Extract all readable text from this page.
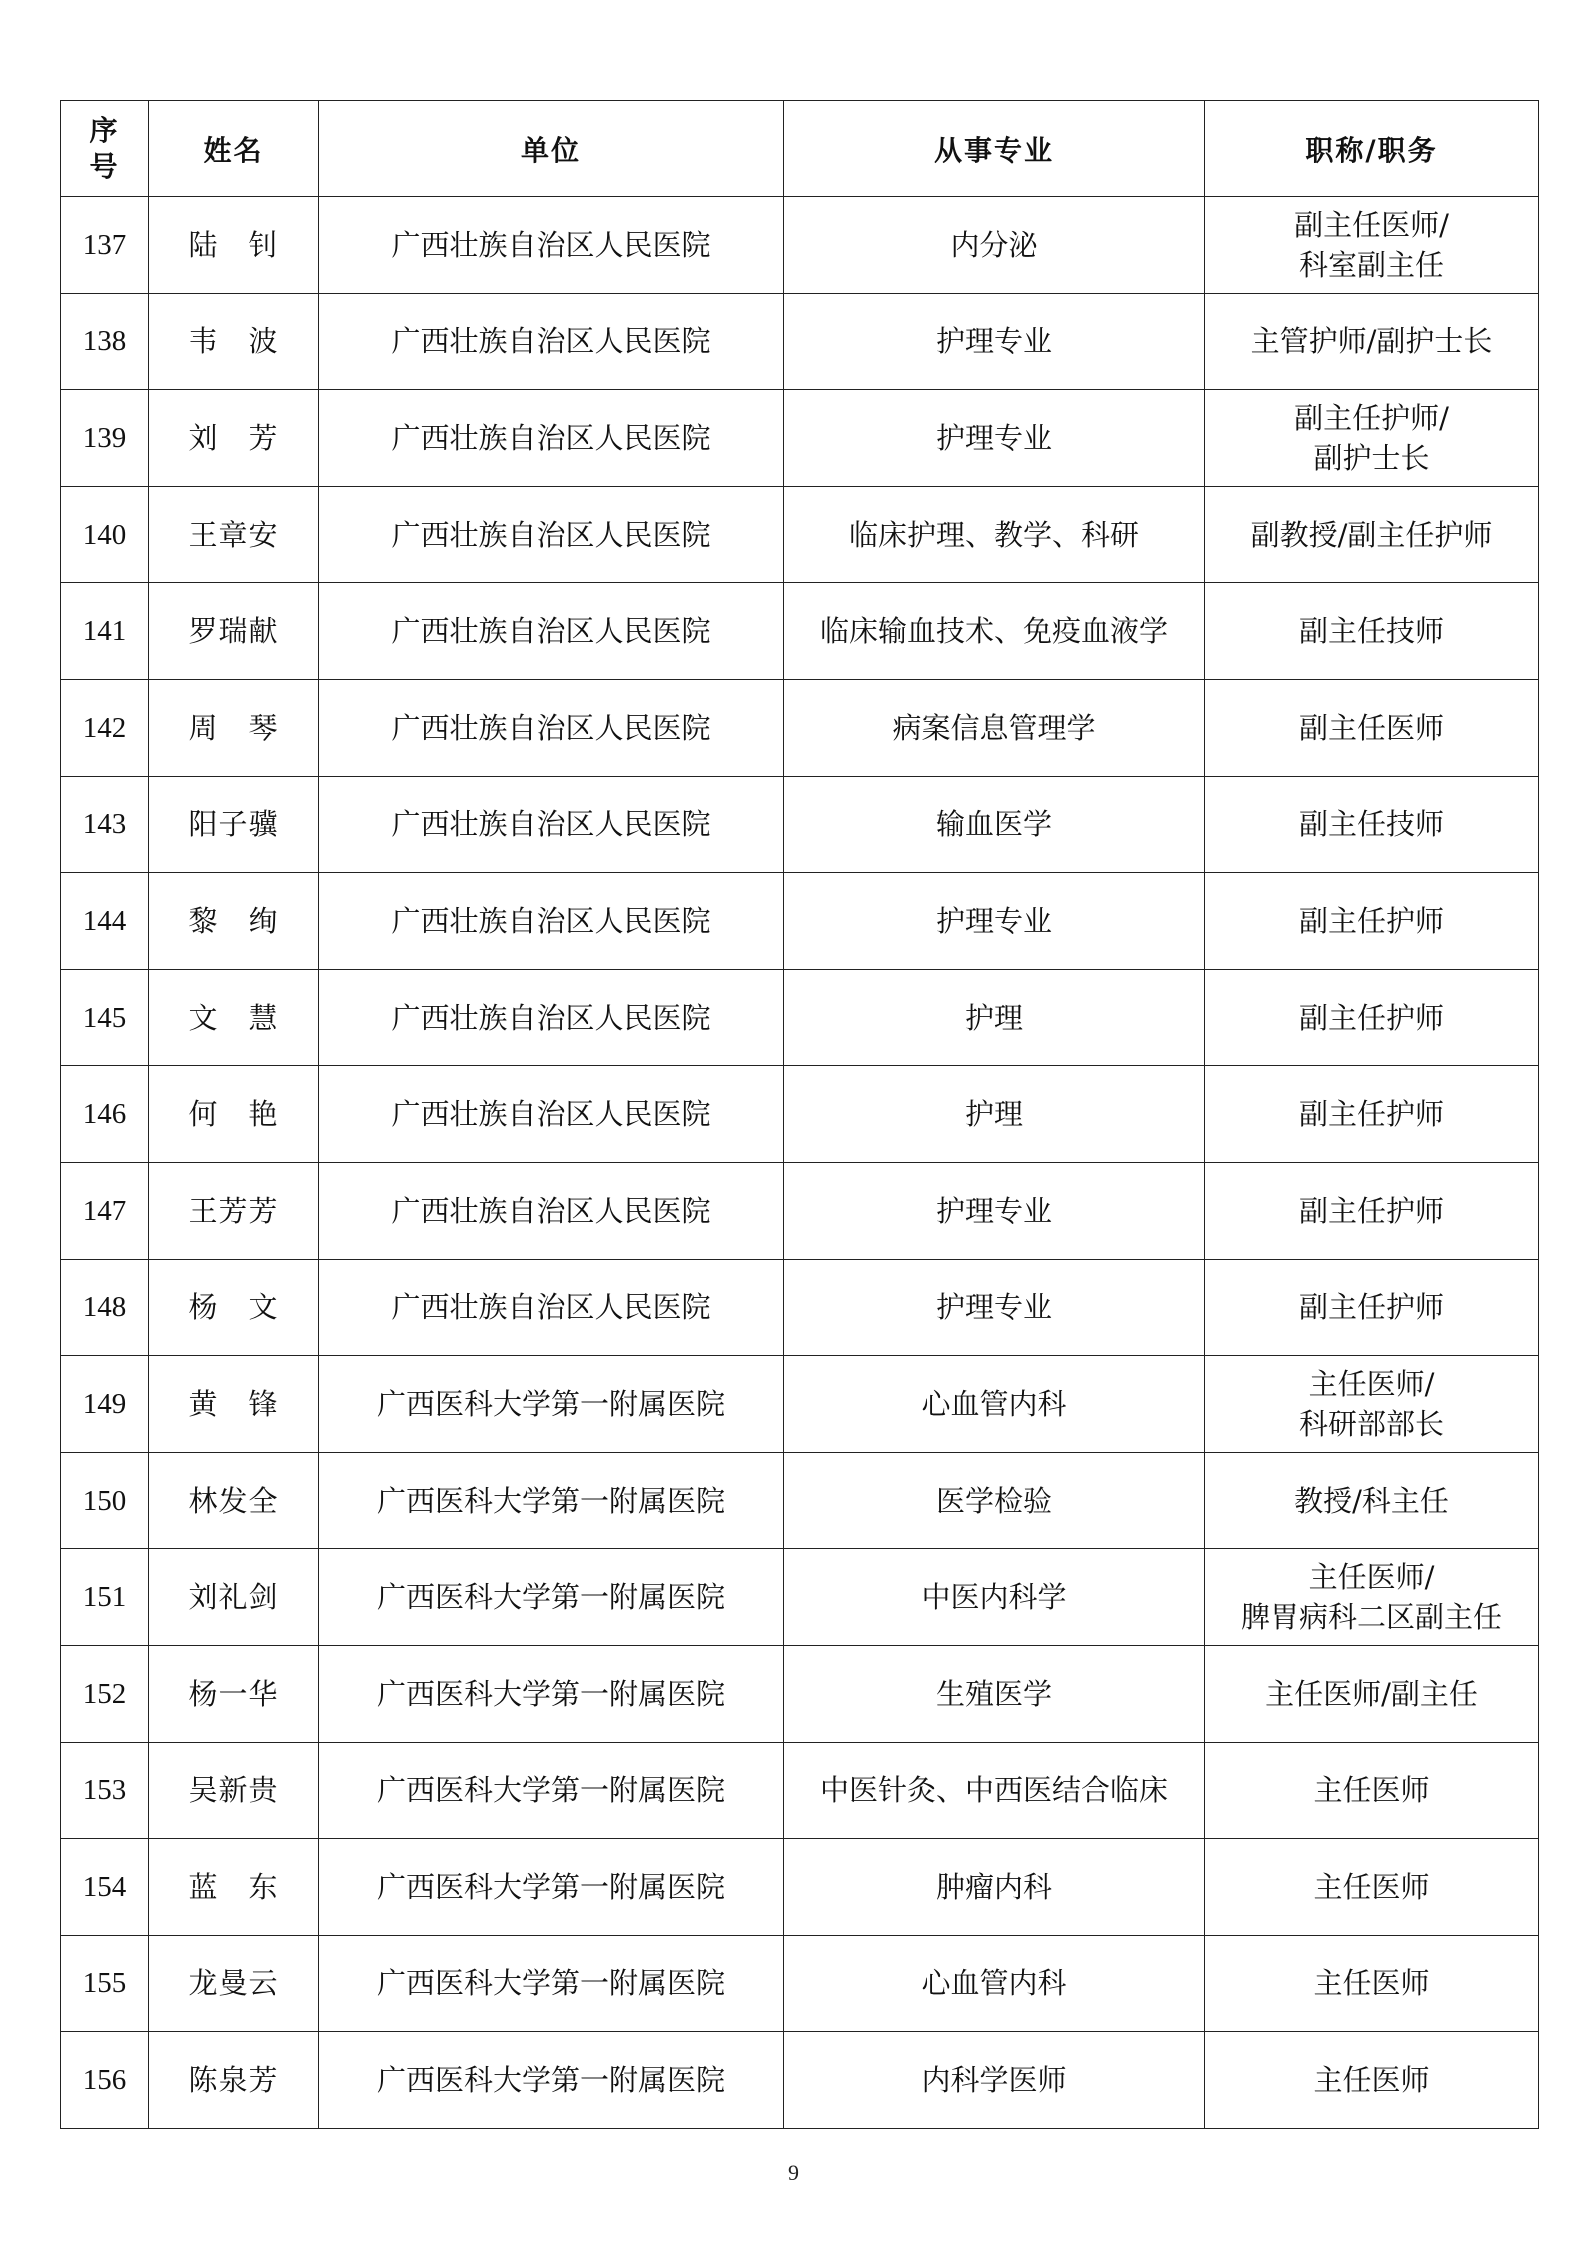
序号	姓名	单位	从事专业	职称/职务
137	陆　钊	广西壮族自治区人民医院	内分泌	副主任医师/
科室副主任

138	韦　波	广西壮族自治区人民医院	护理专业	主管护师/副护士长

139	刘　芳	广西壮族自治区人民医院	护理专业	副主任护师/
副护士长

140	王章安	广西壮族自治区人民医院	临床护理、教学、科研	副教授/副主任护师

141	罗瑞献	广西壮族自治区人民医院	临床输血技术、免疫血液学	副主任技师

142	周　琴	广西壮族自治区人民医院	病案信息管理学	副主任医师

143	阳子骥	广西壮族自治区人民医院	输血医学	副主任技师

144	黎　绚	广西壮族自治区人民医院	护理专业	副主任护师

145	文　慧	广西壮族自治区人民医院	护理	副主任护师

146	何　艳	广西壮族自治区人民医院	护理	副主任护师

147	王芳芳	广西壮族自治区人民医院	护理专业	副主任护师

148	杨　文	广西壮族自治区人民医院	护理专业	副主任护师

149	黄　锋	广西医科大学第一附属医院	心血管内科	主任医师/
科研部部长

150	林发全	广西医科大学第一附属医院	医学检验	教授/科主任

151	刘礼剑	广西医科大学第一附属医院	中医内科学	主任医师/
脾胃病科二区副主任

152	杨一华	广西医科大学第一附属医院	生殖医学	主任医师/副主任

153	吴新贵	广西医科大学第一附属医院	中医针灸、中西医结合临床	主任医师

154	蓝　东	广西医科大学第一附属医院	肿瘤内科	主任医师

155	龙曼云	广西医科大学第一附属医院	心血管内科	主任医师

156	陈泉芳	广西医科大学第一附属医院	内科学医师	主任医师
9
